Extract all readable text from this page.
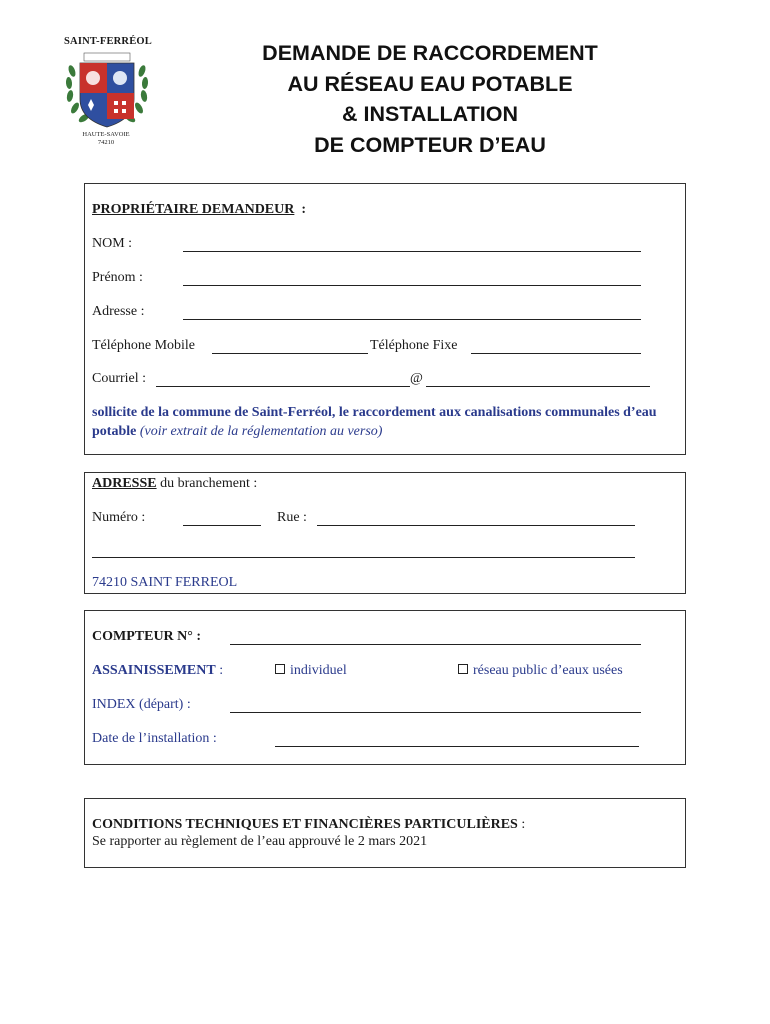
SAINT-FERRÉOL
HAUTE-SAVOIE
74210
DEMANDE DE RACCORDEMENT
AU RÉSEAU EAU POTABLE
& INSTALLATION
DE COMPTEUR D’EAU
PROPRIÉTAIRE DEMANDEUR :
NOM :
Prénom :
Adresse :
Téléphone Mobile	Téléphone Fixe
Courriel :	@
sollicite de la commune de Saint-Ferréol, le raccordement aux canalisations communales d’eau potable (voir extrait de la réglementation au verso)
ADRESSE du branchement :
Numéro :	Rue :
74210 SAINT FERREOL
COMPTEUR N° :
ASSAINISSEMENT :	individuel	réseau public d’eaux usées
INDEX (départ) :
Date de l’installation :
CONDITIONS TECHNIQUES ET FINANCIÈRES PARTICULIÈRES :
Se rapporter au règlement de l’eau approuvé le 2 mars 2021
